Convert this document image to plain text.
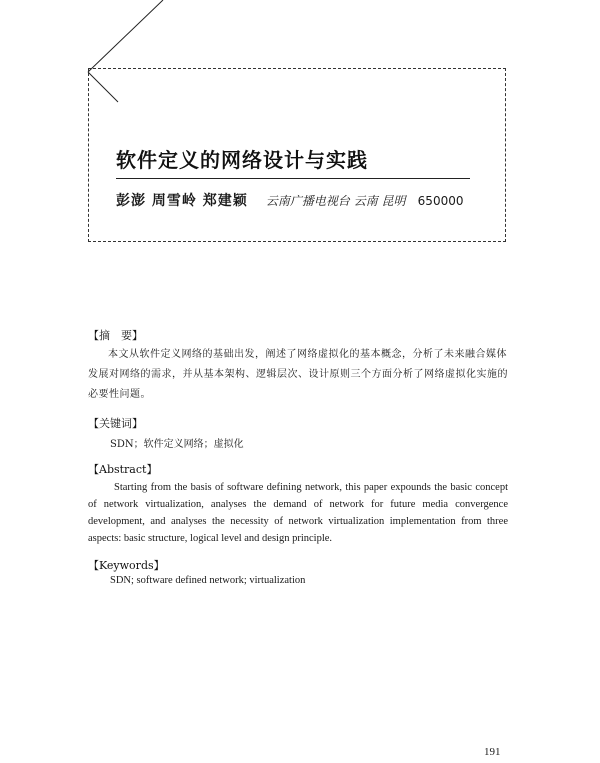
软件定义的网络设计与实践
彭澎 周雪岭 郑建颖 云南广播电视台 云南 昆明 650000
【摘　要】

本文从软件定义网络的基础出发，阐述了网络虚拟化的基本概念，分析了未来融合媒体发展对网络的需求，并从基本架构、逻辑层次、设计原则三个方面分析了网络虚拟化实施的必要性问题。

【关键词】
SDN；软件定义网络；虚拟化
【Abstract】

Starting from the basis of software defining network, this paper expounds the basic concept of network virtualization, analyses the demand of network for future media convergence development, and analyses the necessity of network virtualization implementation from three aspects: basic structure, logical level and design principle.

【Keywords】
SDN; software defined network; virtualization
191
